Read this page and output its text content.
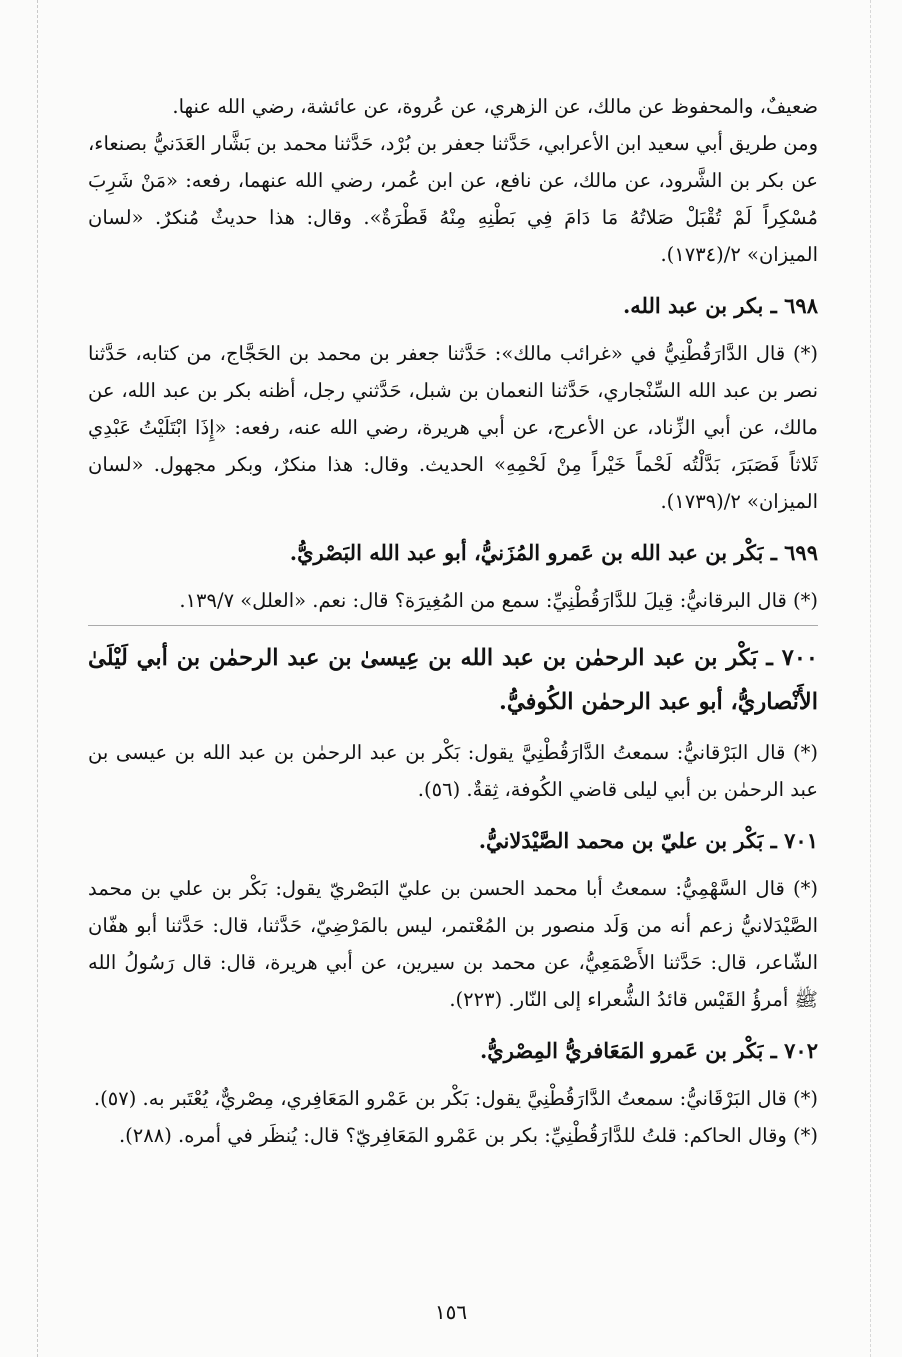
ضعيفٌ، والمحفوظ عن مالك، عن الزهري، عن عُروة، عن عائشة، رضي الله عنها.

ومن طريق أبي سعيد ابن الأعرابي، حَدَّثنا جعفر بن بُرْد، حَدَّثنا محمد بن بَشَّار العَدَنيُّ بصنعاء، عن بكر بن الشَّرود، عن مالك، عن نافع، عن ابن عُمر، رضي الله عنهما، رفعه: «مَنْ شَرِبَ مُسْكِراً لَمْ تُقْبَلْ صَلاتُهُ مَا دَامَ فِي بَطْنِهِ مِنْهُ قَطْرَةٌ». وقال: هذا حديثٌ مُنكرٌ. «لسان الميزان» ٢/(١٧٣٤).

٦٩٨ ـ بكر بن عبد الله.

(*) قال الدَّارَقُطْنِيُّ في «غرائب مالك»: حَدَّثنا جعفر بن محمد بن الحَجَّاج، من كتابه، حَدَّثنا نصر بن عبد الله السِّنْجاري، حَدَّثنا النعمان بن شبل، حَدَّثني رجل، أظنه بكر بن عبد الله، عن مالك، عن أبي الزِّناد، عن الأعرج، عن أبي هريرة، رضي الله عنه، رفعه: «إِذَا ابْتَلَيْتُ عَبْدِي ثَلاثاً فَصَبَرَ، بَدَّلْتُه لَحْماً خَيْراً مِنْ لَحْمِهِ» الحديث. وقال: هذا منكرٌ، وبكر مجهول. «لسان الميزان» ٢/(١٧٣٩).

٦٩٩ ـ بَكْر بن عبد الله بن عَمرو المُزَنيُّ، أبو عبد الله البَصْريُّ.

(*) قال البرقانيُّ: قِيلَ للدَّارَقُطْنِيِّ: سمع من المُغِيرَة؟ قال: نعم. «العلل» ١٣٩/٧.

٧٠٠ ـ بَكْر بن عبد الرحمٰن بن عبد الله بن عِيسىٰ بن عبد الرحمٰن بن أبي لَيْلَىٰ الأَنْصاريُّ، أبو عبد الرحمٰن الكُوفيُّ.

(*) قال البَرْقانيُّ: سمعتُ الدَّارَقُطْنِيَّ يقول: بَكْر بن عبد الرحمٰن بن عبد الله بن عيسى بن عبد الرحمٰن بن أبي ليلى قاضي الكُوفة، ثِقةٌ. (٥٦).

٧٠١ ـ بَكْر بن عليّ بن محمد الصَّيْدَلانيُّ.

(*) قال السَّهْمِيُّ: سمعتُ أبا محمد الحسن بن عليّ البَصْريّ يقول: بَكْر بن علي بن محمد الصَّيْدَلانيُّ زعم أنه من وَلَد منصور بن المُعْتمر، ليس بالمَرْضِيّ، حَدَّثنا، قال: حَدَّثنا أبو هفّان الشّاعر، قال: حَدَّثنا الأَصْمَعِيُّ، عن محمد بن سيرين، عن أبي هريرة، قال: قال رَسُولُ الله ﷺ أمرؤُ القَيْس قائدُ الشُّعراء إلى النّار. (٢٢٣).

٧٠٢ ـ بَكْر بن عَمرو المَعَافريُّ المِصْريُّ.

(*) قال البَرْقَانيُّ: سمعتُ الدَّارَقُطْنِيَّ يقول: بَكْر بن عَمْرو المَعَافِري، مِصْريٌّ، يُعْتَبر به. (٥٧).

(*) وقال الحاكم: قلتُ للدَّارَقُطْنِيِّ: بكر بن عَمْرو المَعَافِريّ؟ قال: يُنظَر في أمره. (٢٨٨).

١٥٦
